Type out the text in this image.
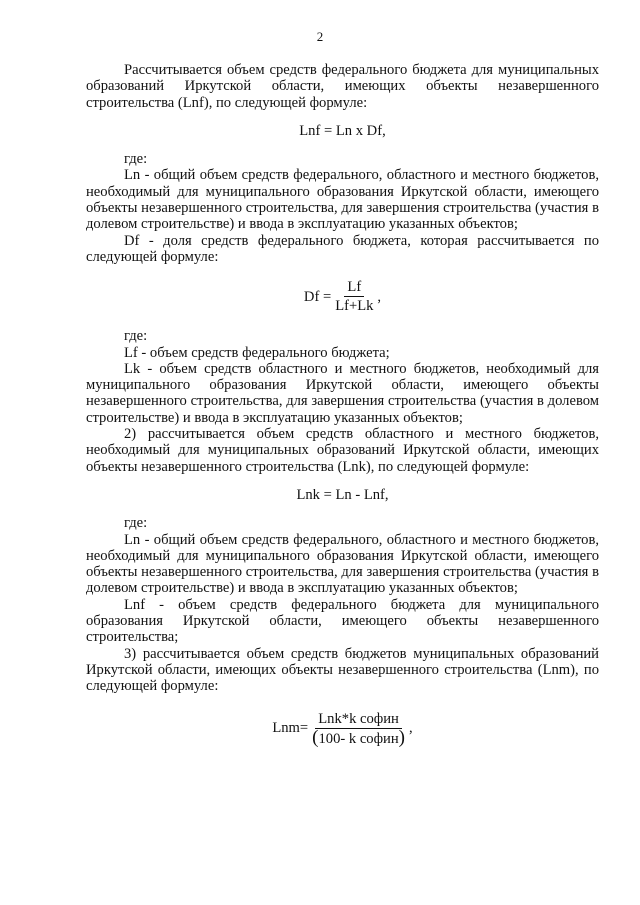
2

Рассчитывается объем средств федерального бюджета для муниципальных образований Иркутской области, имеющих объекты незавершенного строительства (Lnf), по следующей формуле:

Lnf = Ln x Df,

где:

Ln - общий объем средств федерального, областного и местного бюджетов, необходимый для муниципального образования Иркутской области, имеющего объекты незавершенного строительства, для завершения строительства (участия в долевом строительстве) и ввода в эксплуатацию указанных объектов;

Df - доля средств федерального бюджета, которая рассчитывается по следующей формуле:

$Df = \frac{Lf}{Lf+Lk}$ ,

где:

Lf - объем средств федерального бюджета;

Lk - объем средств областного и местного бюджетов, необходимый для муниципального образования Иркутской области, имеющего объекты незавершенного строительства, для завершения строительства (участия в долевом строительстве) и ввода в эксплуатацию указанных объектов;

2) рассчитывается объем средств областного и местного бюджетов, необходимый для муниципальных образований Иркутской области, имеющих объекты незавершенного строительства (Lnk), по следующей формуле:

Lnk = Ln - Lnf,

где:

Ln - общий объем средств федерального, областного и местного бюджетов, необходимый для муниципального образования Иркутской области, имеющего объекты незавершенного строительства, для завершения строительства (участия в долевом строительстве) и ввода в эксплуатацию указанных объектов;

Lnf - объем средств федерального бюджета для муниципального образования Иркутской области, имеющего объекты незавершенного строительства;

3) рассчитывается объем средств бюджетов муниципальных образований Иркутской области, имеющих объекты незавершенного строительства (Lnm), по следующей формуле:

$Lnm= \frac{\text{Lnk*k софин}}{\text{(100- k софин)}}$ ,
